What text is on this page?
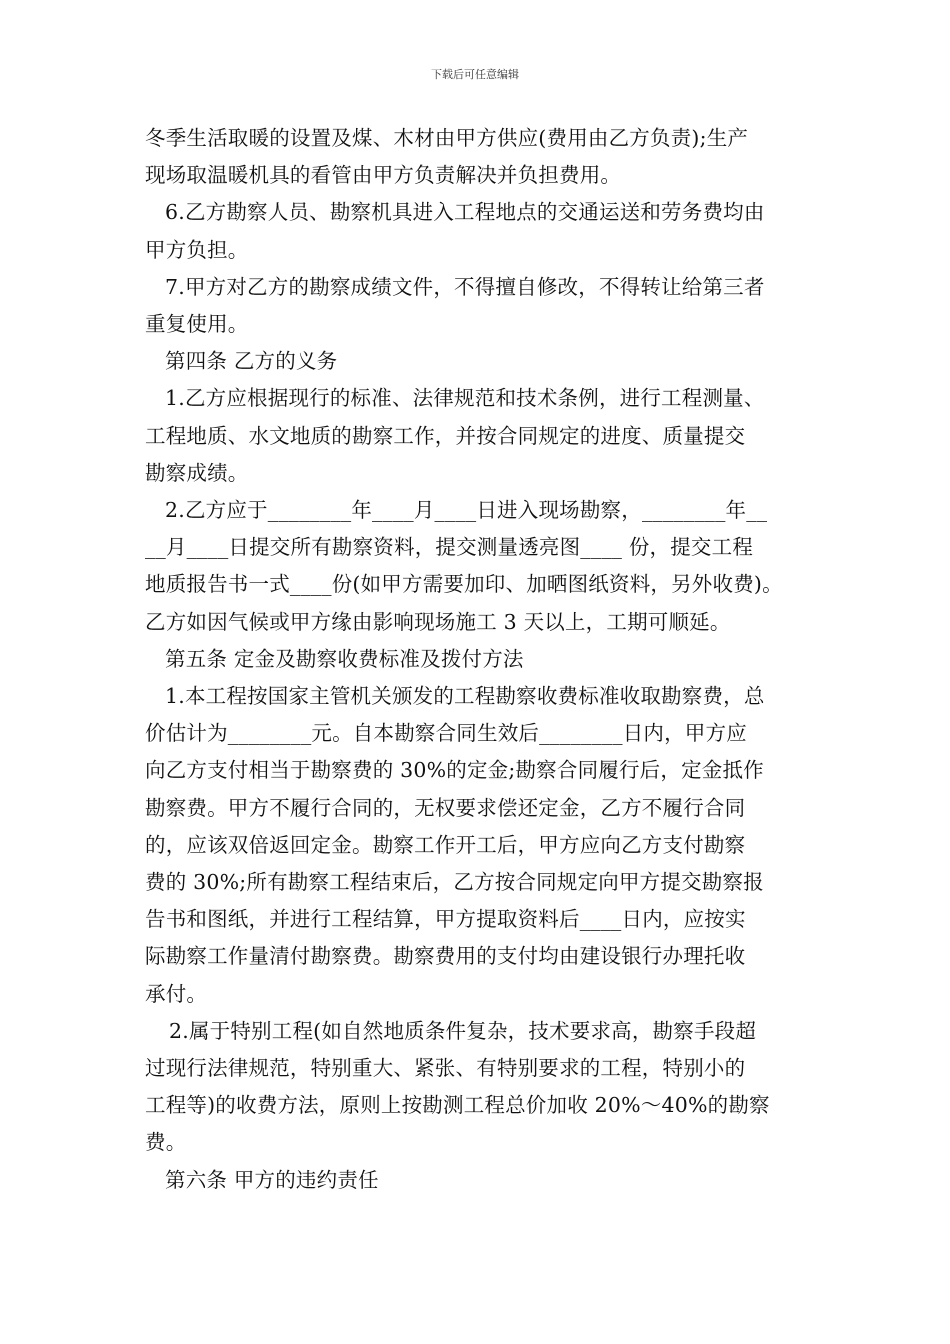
下载后可任意编辑

冬季生活取暖的设置及煤、木材由甲方供应(费用由乙方负责);生产

现场取温暖机具的看管由甲方负责解决并负担费用。

6.乙方勘察人员、勘察机具进入工程地点的交通运送和劳务费均由

甲方负担。

7.甲方对乙方的勘察成绩文件，不得擅自修改，不得转让给第三者

重复使用。

第四条 乙方的义务

1.乙方应根据现行的标准、法律规范和技术条例，进行工程测量、

工程地质、水文地质的勘察工作，并按合同规定的进度、质量提交

勘察成绩。

2.乙方应于________年____月____日进入现场勘察，________年__

__月____日提交所有勘察资料，提交测量透亮图____ 份，提交工程

地质报告书一式____份(如甲方需要加印、加晒图纸资料，另外收费)。

乙方如因气候或甲方缘由影响现场施工 3 天以上，工期可顺延。

第五条 定金及勘察收费标准及拨付方法

1.本工程按国家主管机关颁发的工程勘察收费标准收取勘察费，总

价估计为________元。自本勘察合同生效后________日内，甲方应

向乙方支付相当于勘察费的 30%的定金;勘察合同履行后，定金抵作

勘察费。甲方不履行合同的，无权要求偿还定金，乙方不履行合同

的，应该双倍返回定金。勘察工作开工后，甲方应向乙方支付勘察

费的 30%;所有勘察工程结束后，乙方按合同规定向甲方提交勘察报

告书和图纸，并进行工程结算，甲方提取资料后____日内，应按实

际勘察工作量清付勘察费。勘察费用的支付均由建设银行办理托收

承付。

2.属于特别工程(如自然地质条件复杂，技术要求高，勘察手段超

过现行法律规范，特别重大、紧张、有特别要求的工程，特别小的

工程等)的收费方法，原则上按勘测工程总价加收 20%～40%的勘察

费。

第六条 甲方的违约责任
